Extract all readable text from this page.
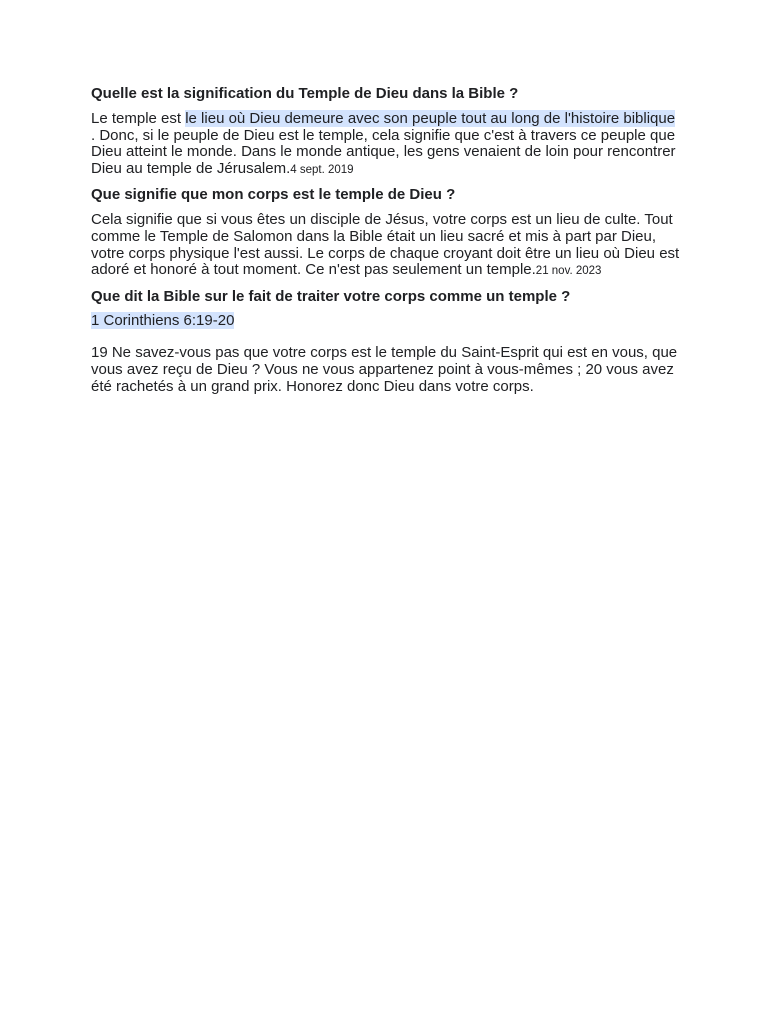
Quelle est la signification du Temple de Dieu dans la Bible ?

Le temple est le lieu où Dieu demeure avec son peuple tout au long de l'histoire biblique . Donc, si le peuple de Dieu est le temple, cela signifie que c'est à travers ce peuple que Dieu atteint le monde. Dans le monde antique, les gens venaient de loin pour rencontrer Dieu au temple de Jérusalem.4 sept. 2019

Que signifie que mon corps est le temple de Dieu ?

Cela signifie que si vous êtes un disciple de Jésus, votre corps est un lieu de culte. Tout comme le Temple de Salomon dans la Bible était un lieu sacré et mis à part par Dieu, votre corps physique l'est aussi. Le corps de chaque croyant doit être un lieu où Dieu est adoré et honoré à tout moment. Ce n'est pas seulement un temple.21 nov. 2023

Que dit la Bible sur le fait de traiter votre corps comme un temple ?

1 Corinthiens 6:19-20

19 Ne savez-vous pas que votre corps est le temple du Saint-Esprit qui est en vous, que vous avez reçu de Dieu ? Vous ne vous appartenez point à vous-mêmes ; 20 vous avez été rachetés à un grand prix. Honorez donc Dieu dans votre corps.
